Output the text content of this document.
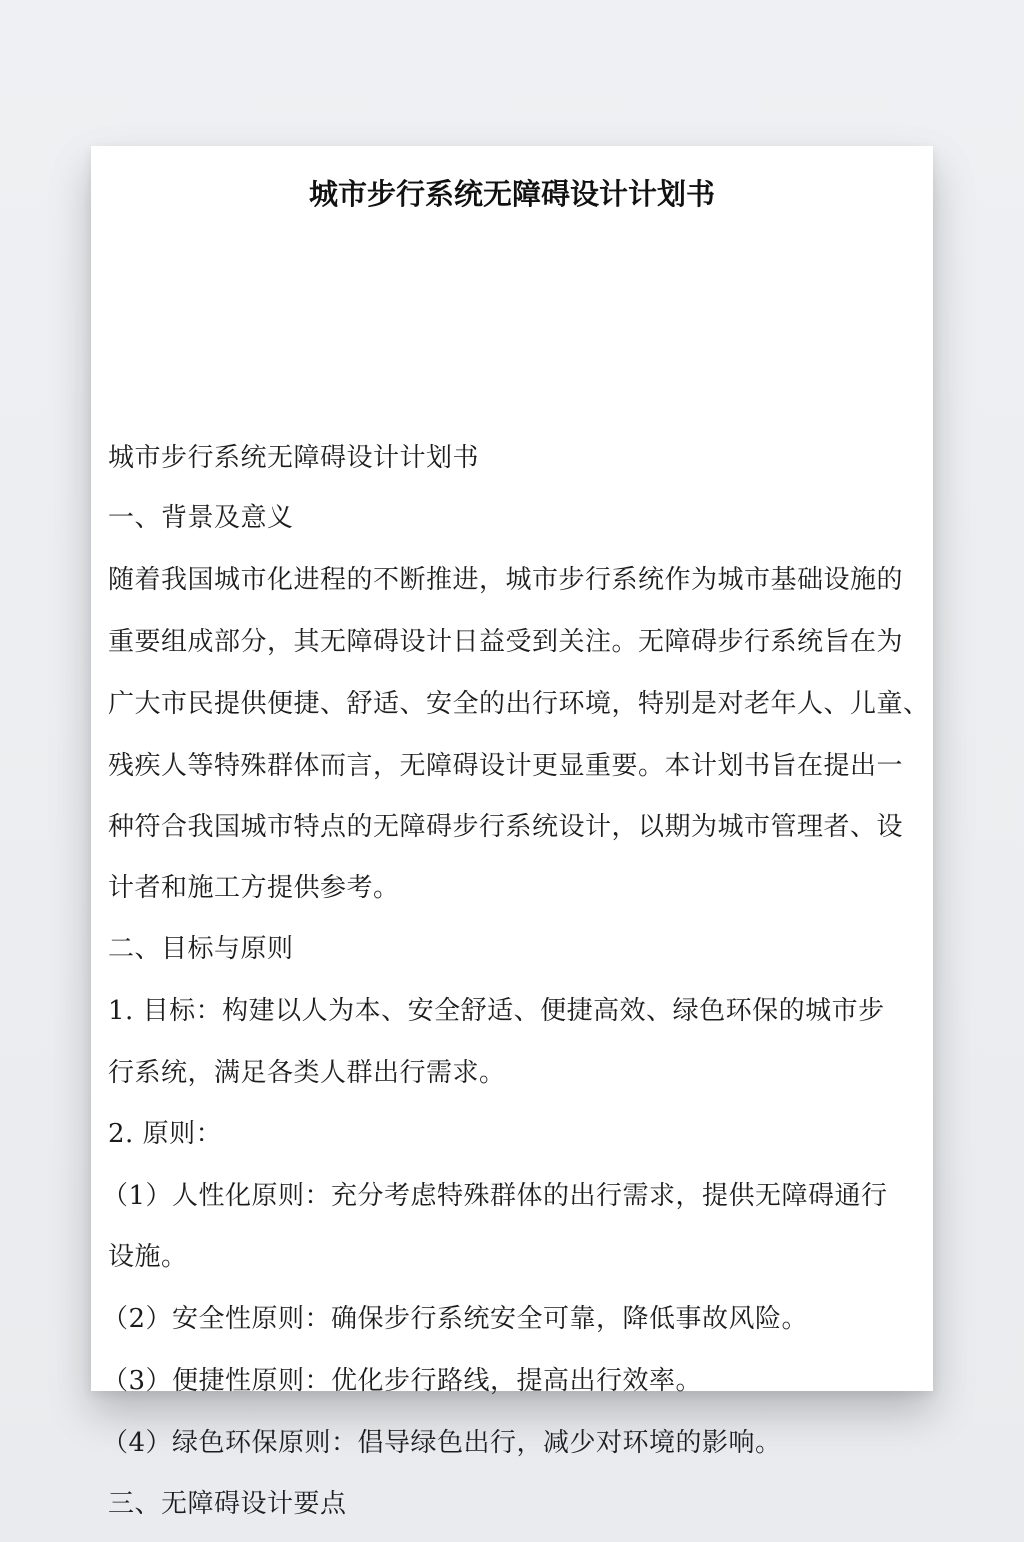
城市步行系统无障碍设计计划书
城市步行系统无障碍设计计划书
一、背景及意义
随着我国城市化进程的不断推进，城市步行系统作为城市基础设施的
重要组成部分，其无障碍设计日益受到关注。无障碍步行系统旨在为
广大市民提供便捷、舒适、安全的出行环境，特别是对老年人、儿童、
残疾人等特殊群体而言，无障碍设计更显重要。本计划书旨在提出一
种符合我国城市特点的无障碍步行系统设计，以期为城市管理者、设
计者和施工方提供参考。
二、目标与原则
1. 目标：构建以人为本、安全舒适、便捷高效、绿色环保的城市步
行系统，满足各类人群出行需求。
2. 原则：
（1）人性化原则：充分考虑特殊群体的出行需求，提供无障碍通行
设施。
（2）安全性原则：确保步行系统安全可靠，降低事故风险。
（3）便捷性原则：优化步行路线，提高出行效率。
（4）绿色环保原则：倡导绿色出行，减少对环境的影响。
三、无障碍设计要点
